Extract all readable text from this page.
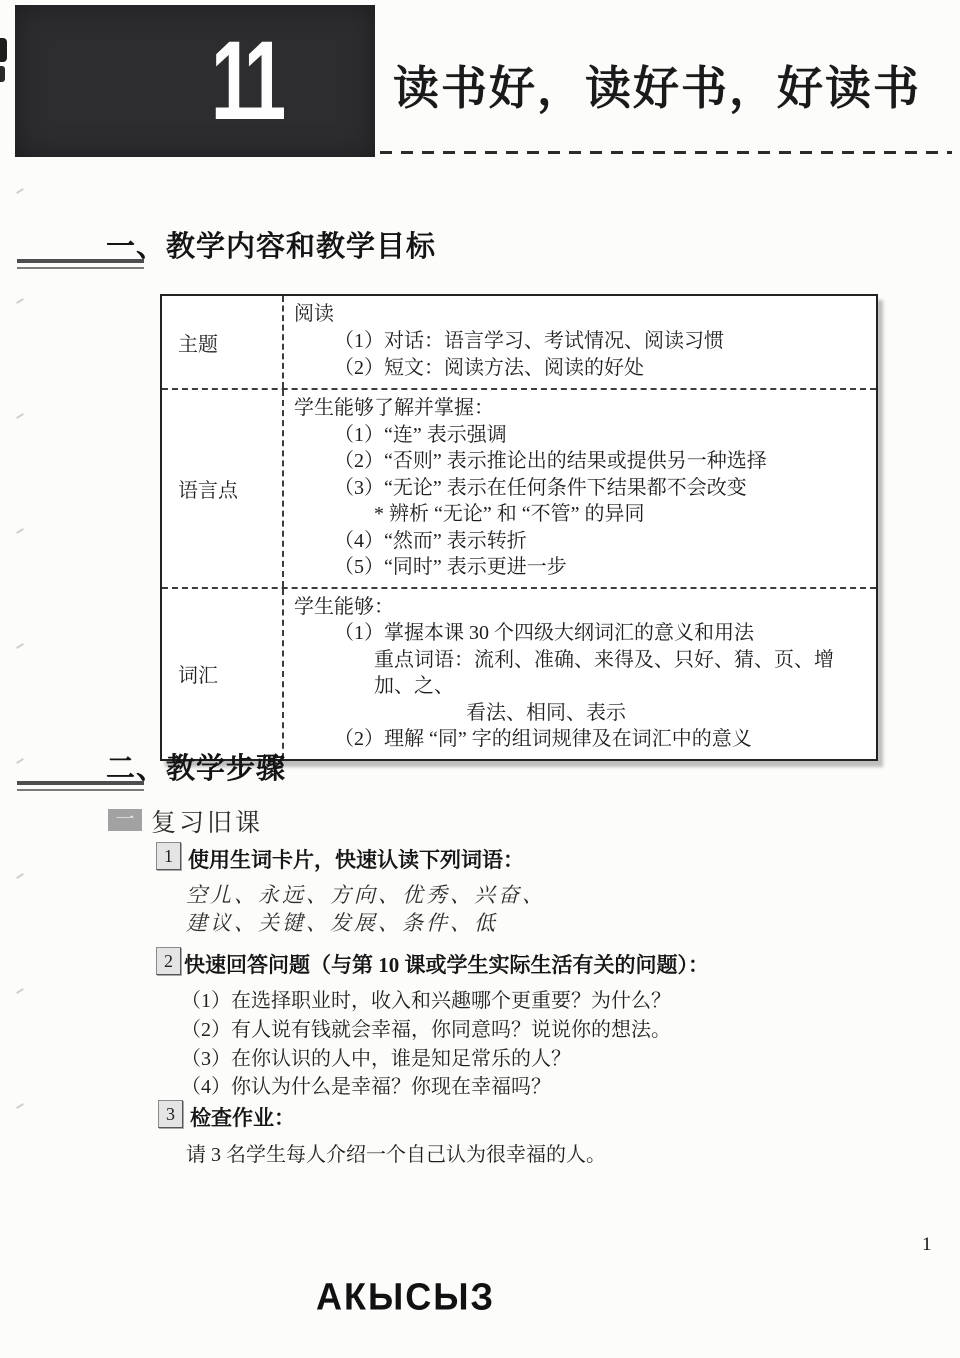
11 读书好，读好书，好读书
一、教学内容和教学目标
主题
阅读
（1）对话：语言学习、考试情况、阅读习惯
（2）短文：阅读方法、阅读的好处
语言点
学生能够了解并掌握：
（1）“连” 表示强调
（2）“否则” 表示推论出的结果或提供另一种选择
（3）“无论” 表示在任何条件下结果都不会改变
* 辨析 “无论” 和 “不管” 的异同
（4）“然而” 表示转折
（5）“同时” 表示更进一步
词汇
学生能够：
（1）掌握本课 30 个四级大纲词汇的意义和用法
重点词语：流利、准确、来得及、只好、猜、页、增加、之、
看法、相同、表示
（2）理解 “同” 字的组词规律及在词汇中的意义
二、教学步骤
一 复习旧课
1 使用生词卡片，快速认读下列词语：
空儿、永远、方向、优秀、兴奋、
建议、关键、发展、条件、低
2 快速回答问题（与第 10 课或学生实际生活有关的问题）：
（1）在选择职业时，收入和兴趣哪个更重要？为什么？
（2）有人说有钱就会幸福，你同意吗？说说你的想法。
（3）在你认识的人中，谁是知足常乐的人？
（4）你认为什么是幸福？你现在幸福吗？
3 检查作业：
请 3 名学生每人介绍一个自己认为很幸福的人。
1
АКЫСЫЗ
